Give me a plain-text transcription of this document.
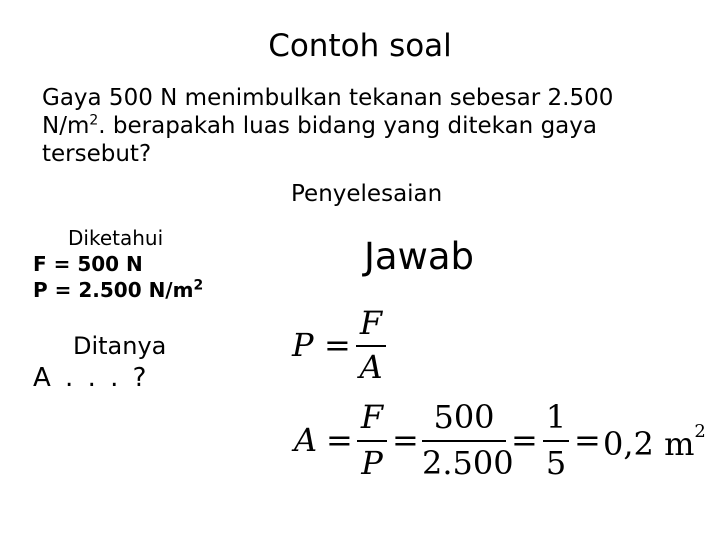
Contoh soal
Gaya 500 N menimbulkan tekanan sebesar 2.500
$N/m^2$. berapakah luas bidang yang ditekan gaya
tersebut?
Penyelesaian
Diketahui
F = 500 N
P = 2.500 $N/m^2$
Jawab
Ditanya
A . . . ?
P =
F
A
A =
F
P
=
500
2.500
=
1
5
= 0,2 $m^2$
